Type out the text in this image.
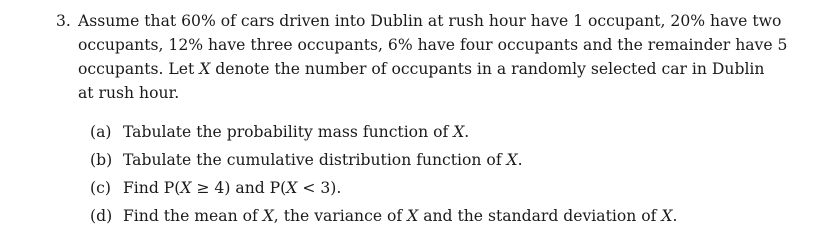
3. Assume that 60% of cars driven into Dublin at rush hour have 1 occupant, 20% have two
occupants, 12% have three occupants, 6% have four occupants and the remainder have 5
occupants. Let X denote the number of occupants in a randomly selected car in Dublin
at rush hour.
(a) Tabulate the probability mass function of X.
(b) Tabulate the cumulative distribution function of X.
(c) Find P(X ≥ 4) and P(X < 3).
(d) Find the mean of X, the variance of X and the standard deviation of X.
